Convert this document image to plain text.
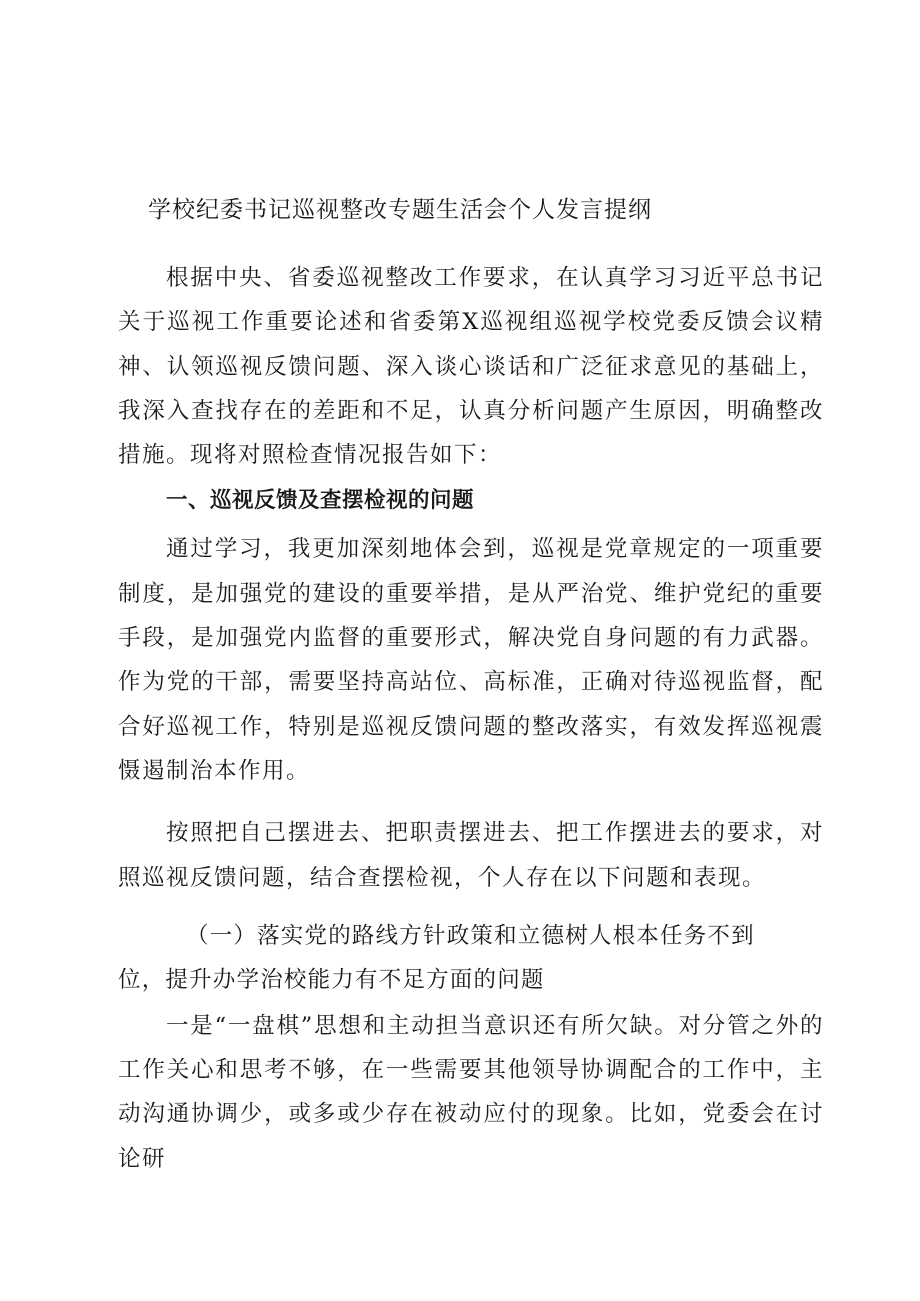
学校纪委书记巡视整改专题生活会个人发言提纲

根据中央、省委巡视整改工作要求，在认真学习习近平总书记关于巡视工作重要论述和省委第X巡视组巡视学校党委反馈会议精神、认领巡视反馈问题、深入谈心谈话和广泛征求意见的基础上，我深入查找存在的差距和不足，认真分析问题产生原因，明确整改措施。现将对照检查情况报告如下：

一、巡视反馈及查摆检视的问题

通过学习，我更加深刻地体会到，巡视是党章规定的一项重要制度，是加强党的建设的重要举措，是从严治党、维护党纪的重要手段，是加强党内监督的重要形式，解决党自身问题的有力武器。作为党的干部，需要坚持高站位、高标准，正确对待巡视监督，配合好巡视工作，特别是巡视反馈问题的整改落实，有效发挥巡视震慑遏制治本作用。

按照把自己摆进去、把职责摆进去、把工作摆进去的要求，对照巡视反馈问题，结合查摆检视，个人存在以下问题和表现。

（一）落实党的路线方针政策和立德树人根本任务不到位，提升办学治校能力有不足方面的问题

一是“一盘棋”思想和主动担当意识还有所欠缺。对分管之外的工作关心和思考不够，在一些需要其他领导协调配合的工作中，主动沟通协调少，或多或少存在被动应付的现象。比如，党委会在讨论研
